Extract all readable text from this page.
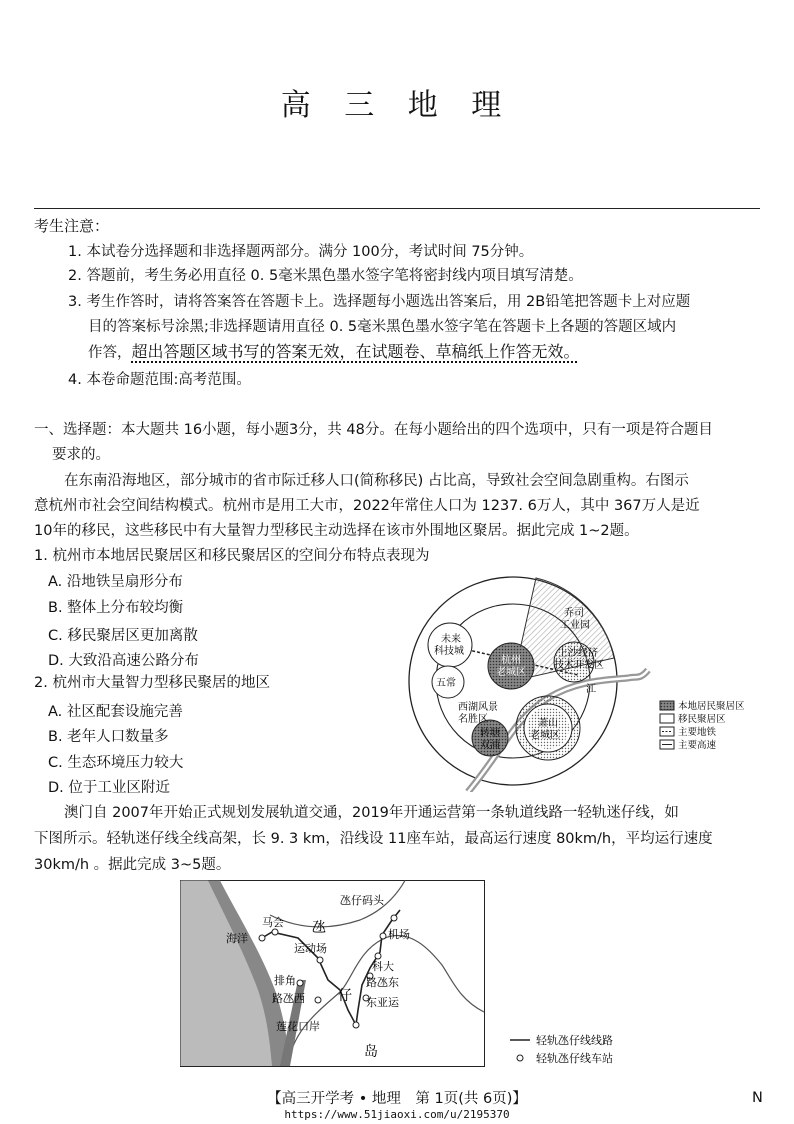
高 三 地 理
考生注意：
1. 本试卷分选择题和非选择题两部分。满分 100分，考试时间 75分钟。
2. 答题前，考生务必用直径 0. 5毫米黑色墨水签字笔将密封线内项目填写清楚。
3. 考生作答时，请将答案答在答题卡上。选择题每小题选出答案后，用 2B铅笔把答题卡上对应题
目的答案标号涂黑;非选择题请用直径 0. 5毫米黑色墨水签字笔在答题卡上各题的答题区域内
作答，超出答题区域书写的答案无效，在试题卷、草稿纸上作答无效。
4. 本卷命题范围:高考范围。
一、选择题：本大题共 16小题，每小题3分，共 48分。在每小题给出的四个选项中，只有一项是符合题目
要求的。
在东南沿海地区，部分城市的省市际迁移人口(简称移民) 占比高，导致社会空间急剧重构。右图示
意杭州市社会空间结构模式。杭州市是用工大市，2022年常住人口为 1237. 6万人，其中 367万人是近
10年的移民，这些移民中有大量智力型移民主动选择在该市外围地区聚居。据此完成 1~2题。
1. 杭州市本地居民聚居区和移民聚居区的空间分布特点表现为
A. 沿地铁呈扇形分布
B. 整体上分布较均衡
C. 移民聚居区更加离散
D. 大致沿高速公路分布
2. 杭州市大量智力型移民聚居的地区
A. 社区配套设施完善
B. 老年人口数量多
C. 生态环境压力较大
D. 位于工业区附近
乔司
工业园
未来
科技城	上沙经济
技术开发区
杭州
老城区
五常
江
西湖风景
名胜区	萧山
老城区
转塘
双浦
本地居民聚居区
移民聚居区
主要地铁
主要高速
澳门自 2007年开始正式规划发展轨道交通，2019年开通运营第一条轨道线路一轻轨迷仔线，如
下图所示。轻轨迷仔线全线高架，长 9. 3 km，沿线设 11座车站，最高运行速度 80km/h，平均运行速度
30km/h 。据此完成 3~5题。
海洋
马会
运动场
排角
路氹西
莲花口岸
氹仔码头
机场
科大
路氹东
东亚运
氹
仔
岛
轻轨氹仔线线路
轻轨氹仔线车站
【高三开学考 • 地理　第 1页(共 6页)】	N
https://www.51jiaoxi.com/u/2195370
